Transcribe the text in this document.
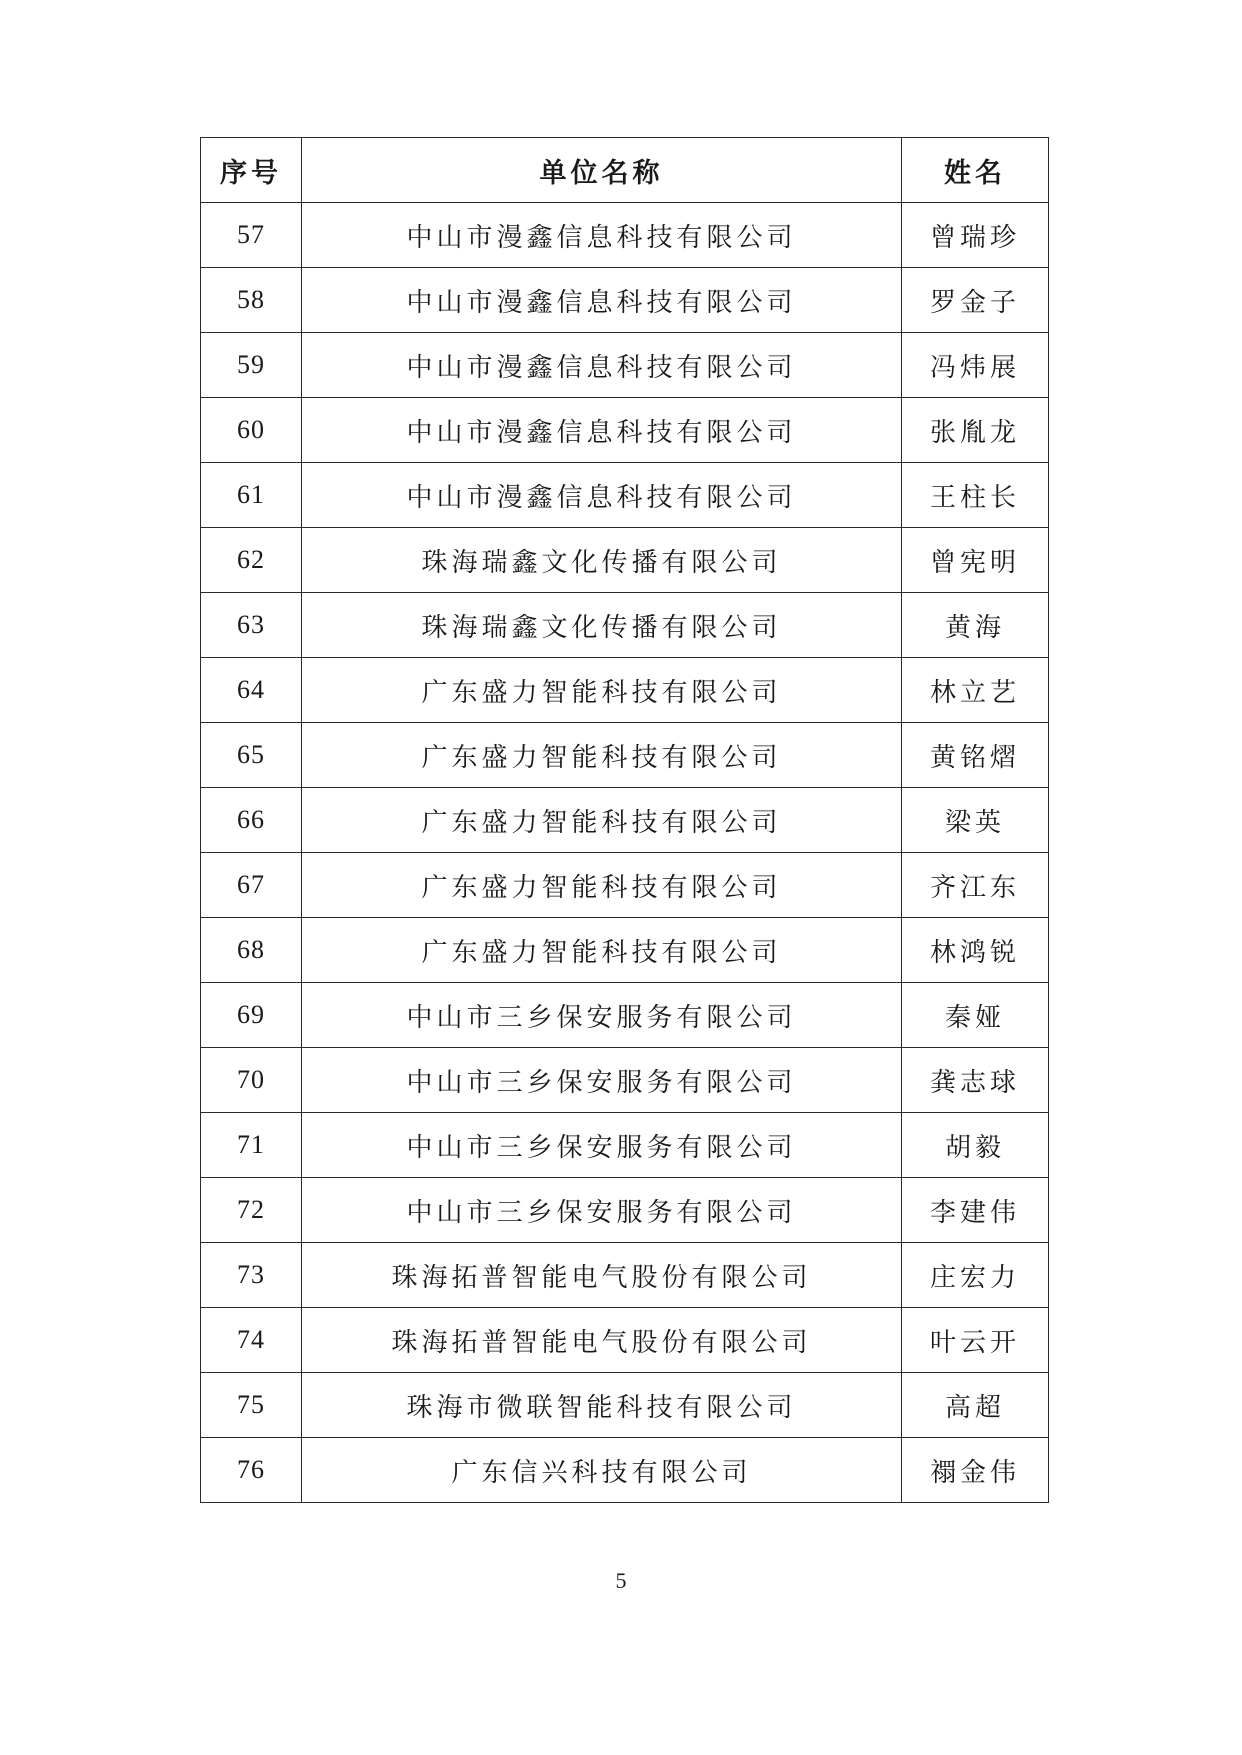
序号	单位名称	姓名
57	中山市漫鑫信息科技有限公司	曾瑞珍
58	中山市漫鑫信息科技有限公司	罗金子
59	中山市漫鑫信息科技有限公司	冯炜展
60	中山市漫鑫信息科技有限公司	张胤龙
61	中山市漫鑫信息科技有限公司	王柱长
62	珠海瑞鑫文化传播有限公司	曾宪明
63	珠海瑞鑫文化传播有限公司	黄海
64	广东盛力智能科技有限公司	林立艺
65	广东盛力智能科技有限公司	黄铭熠
66	广东盛力智能科技有限公司	梁英
67	广东盛力智能科技有限公司	齐江东
68	广东盛力智能科技有限公司	林鸿锐
69	中山市三乡保安服务有限公司	秦娅
70	中山市三乡保安服务有限公司	龚志球
71	中山市三乡保安服务有限公司	胡毅
72	中山市三乡保安服务有限公司	李建伟
73	珠海拓普智能电气股份有限公司	庄宏力
74	珠海拓普智能电气股份有限公司	叶云开
75	珠海市微联智能科技有限公司	高超
76	广东信兴科技有限公司	禤金伟
5
